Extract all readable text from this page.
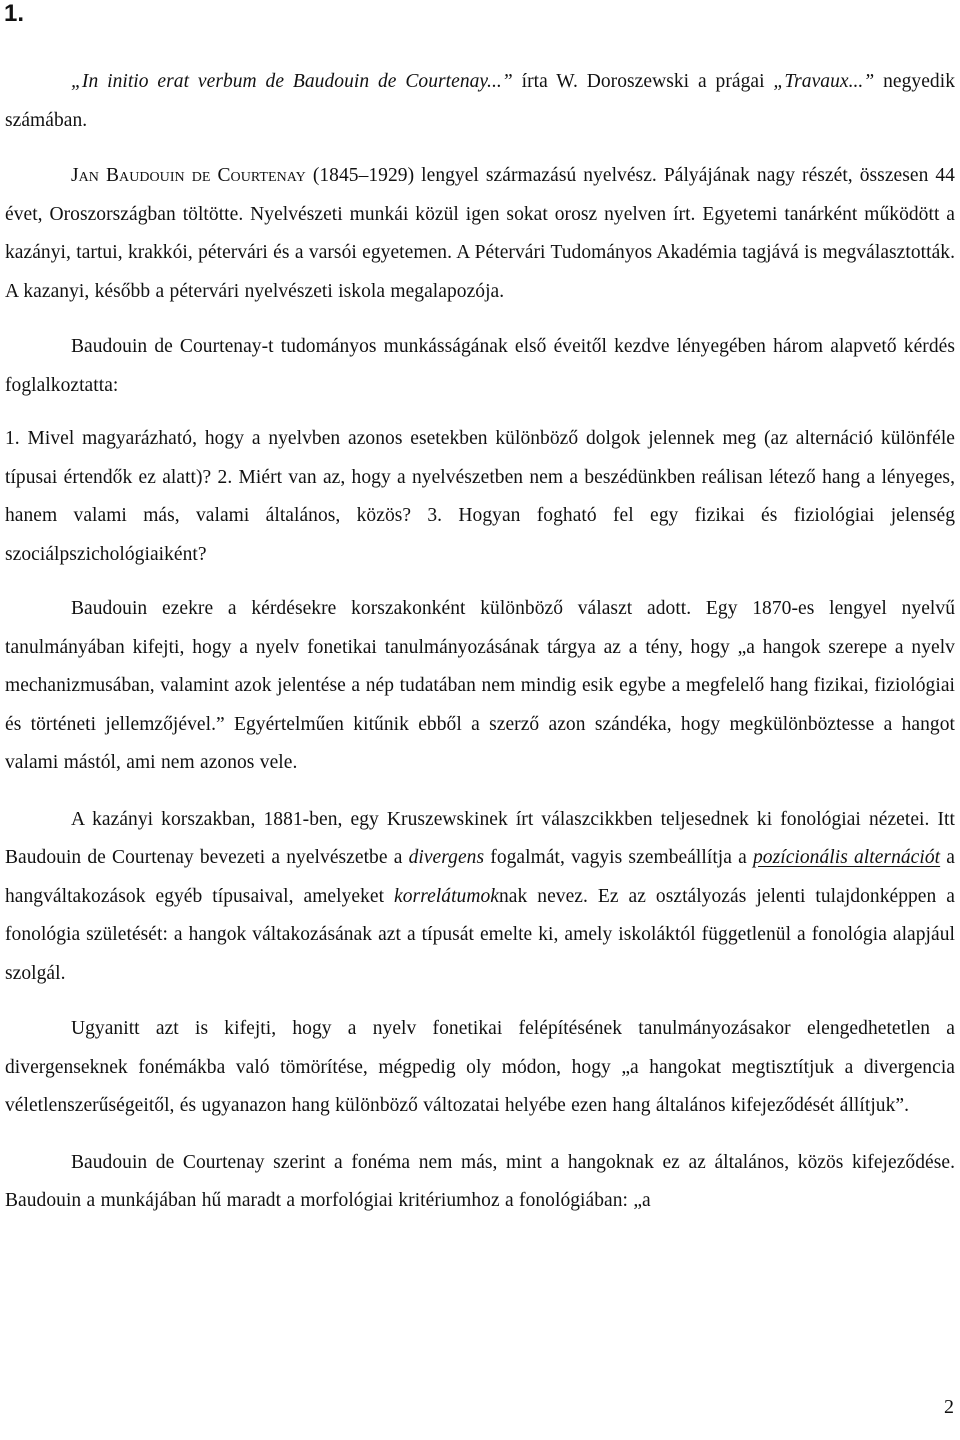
1.

„In initio erat verbum de Baudouin de Courtenay...” írta W. Doroszewski a prágai „Travaux...” negyedik számában.

Jan Baudouin de Courtenay (1845–1929) lengyel származású nyelvész. Pályájának nagy részét, összesen 44 évet, Oroszországban töltötte. Nyelvészeti munkái közül igen sokat orosz nyelven írt. Egyetemi tanárként működött a kazányi, tartui, krakkói, pétervári és a varsói egyetemen. A Pétervári Tudományos Akadémia tagjává is megválasztották. A kazanyi, később a pétervári nyelvészeti iskola megalapozója.

Baudouin de Courtenay-t tudományos munkásságának első éveitől kezdve lényegében három alapvető kérdés foglalkoztatta:

1. Mivel magyarázható, hogy a nyelvben azonos esetekben különböző dolgok jelennek meg (az alternáció különféle típusai értendők ez alatt)? 2. Miért van az, hogy a nyelvészetben nem a beszédünkben reálisan létező hang a lényeges, hanem valami más, valami általános, közös? 3. Hogyan fogható fel egy fizikai és fiziológiai jelenség szociálpszichológiaiként?

Baudouin ezekre a kérdésekre korszakonként különböző választ adott. Egy 1870-es lengyel nyelvű tanulmányában kifejti, hogy a nyelv fonetikai tanulmányozásának tárgya az a tény, hogy „a hangok szerepe a nyelv mechanizmusában, valamint azok jelentése a nép tudatában nem mindig esik egybe a megfelelő hang fizikai, fiziológiai és történeti jellemzőjével.” Egyértelműen kitűnik ebből a szerző azon szándéka, hogy megkülönböztesse a hangot valami mástól, ami nem azonos vele.

A kazányi korszakban, 1881-ben, egy Kruszewskinek írt válaszcikkben teljesednek ki fonológiai nézetei. Itt Baudouin de Courtenay bevezeti a nyelvészetbe a divergens fogalmát, vagyis szembeállítja a pozícionális alternációt a hangváltakozások egyéb típusaival, amelyeket korrelátumoknak nevez. Ez az osztályozás jelenti tulajdonképpen a fonológia születését: a hangok váltakozásának azt a típusát emelte ki, amely iskoláktól függetlenül a fonológia alapjául szolgál.

Ugyanitt azt is kifejti, hogy a nyelv fonetikai felépítésének tanulmányozásakor elengedhetetlen a divergenseknek fonémákba való tömörítése, mégpedig oly módon, hogy „a hangokat megtisztítjuk a divergencia véletlenszerűségeitől, és ugyanazon hang különböző változatai helyébe ezen hang általános kifejeződését állítjuk”.

Baudouin de Courtenay szerint a fonéma nem más, mint a hangoknak ez az általános, közös kifejeződése. Baudouin a munkájában hű maradt a morfológiai kritériumhoz a fonológiában: „a

2
